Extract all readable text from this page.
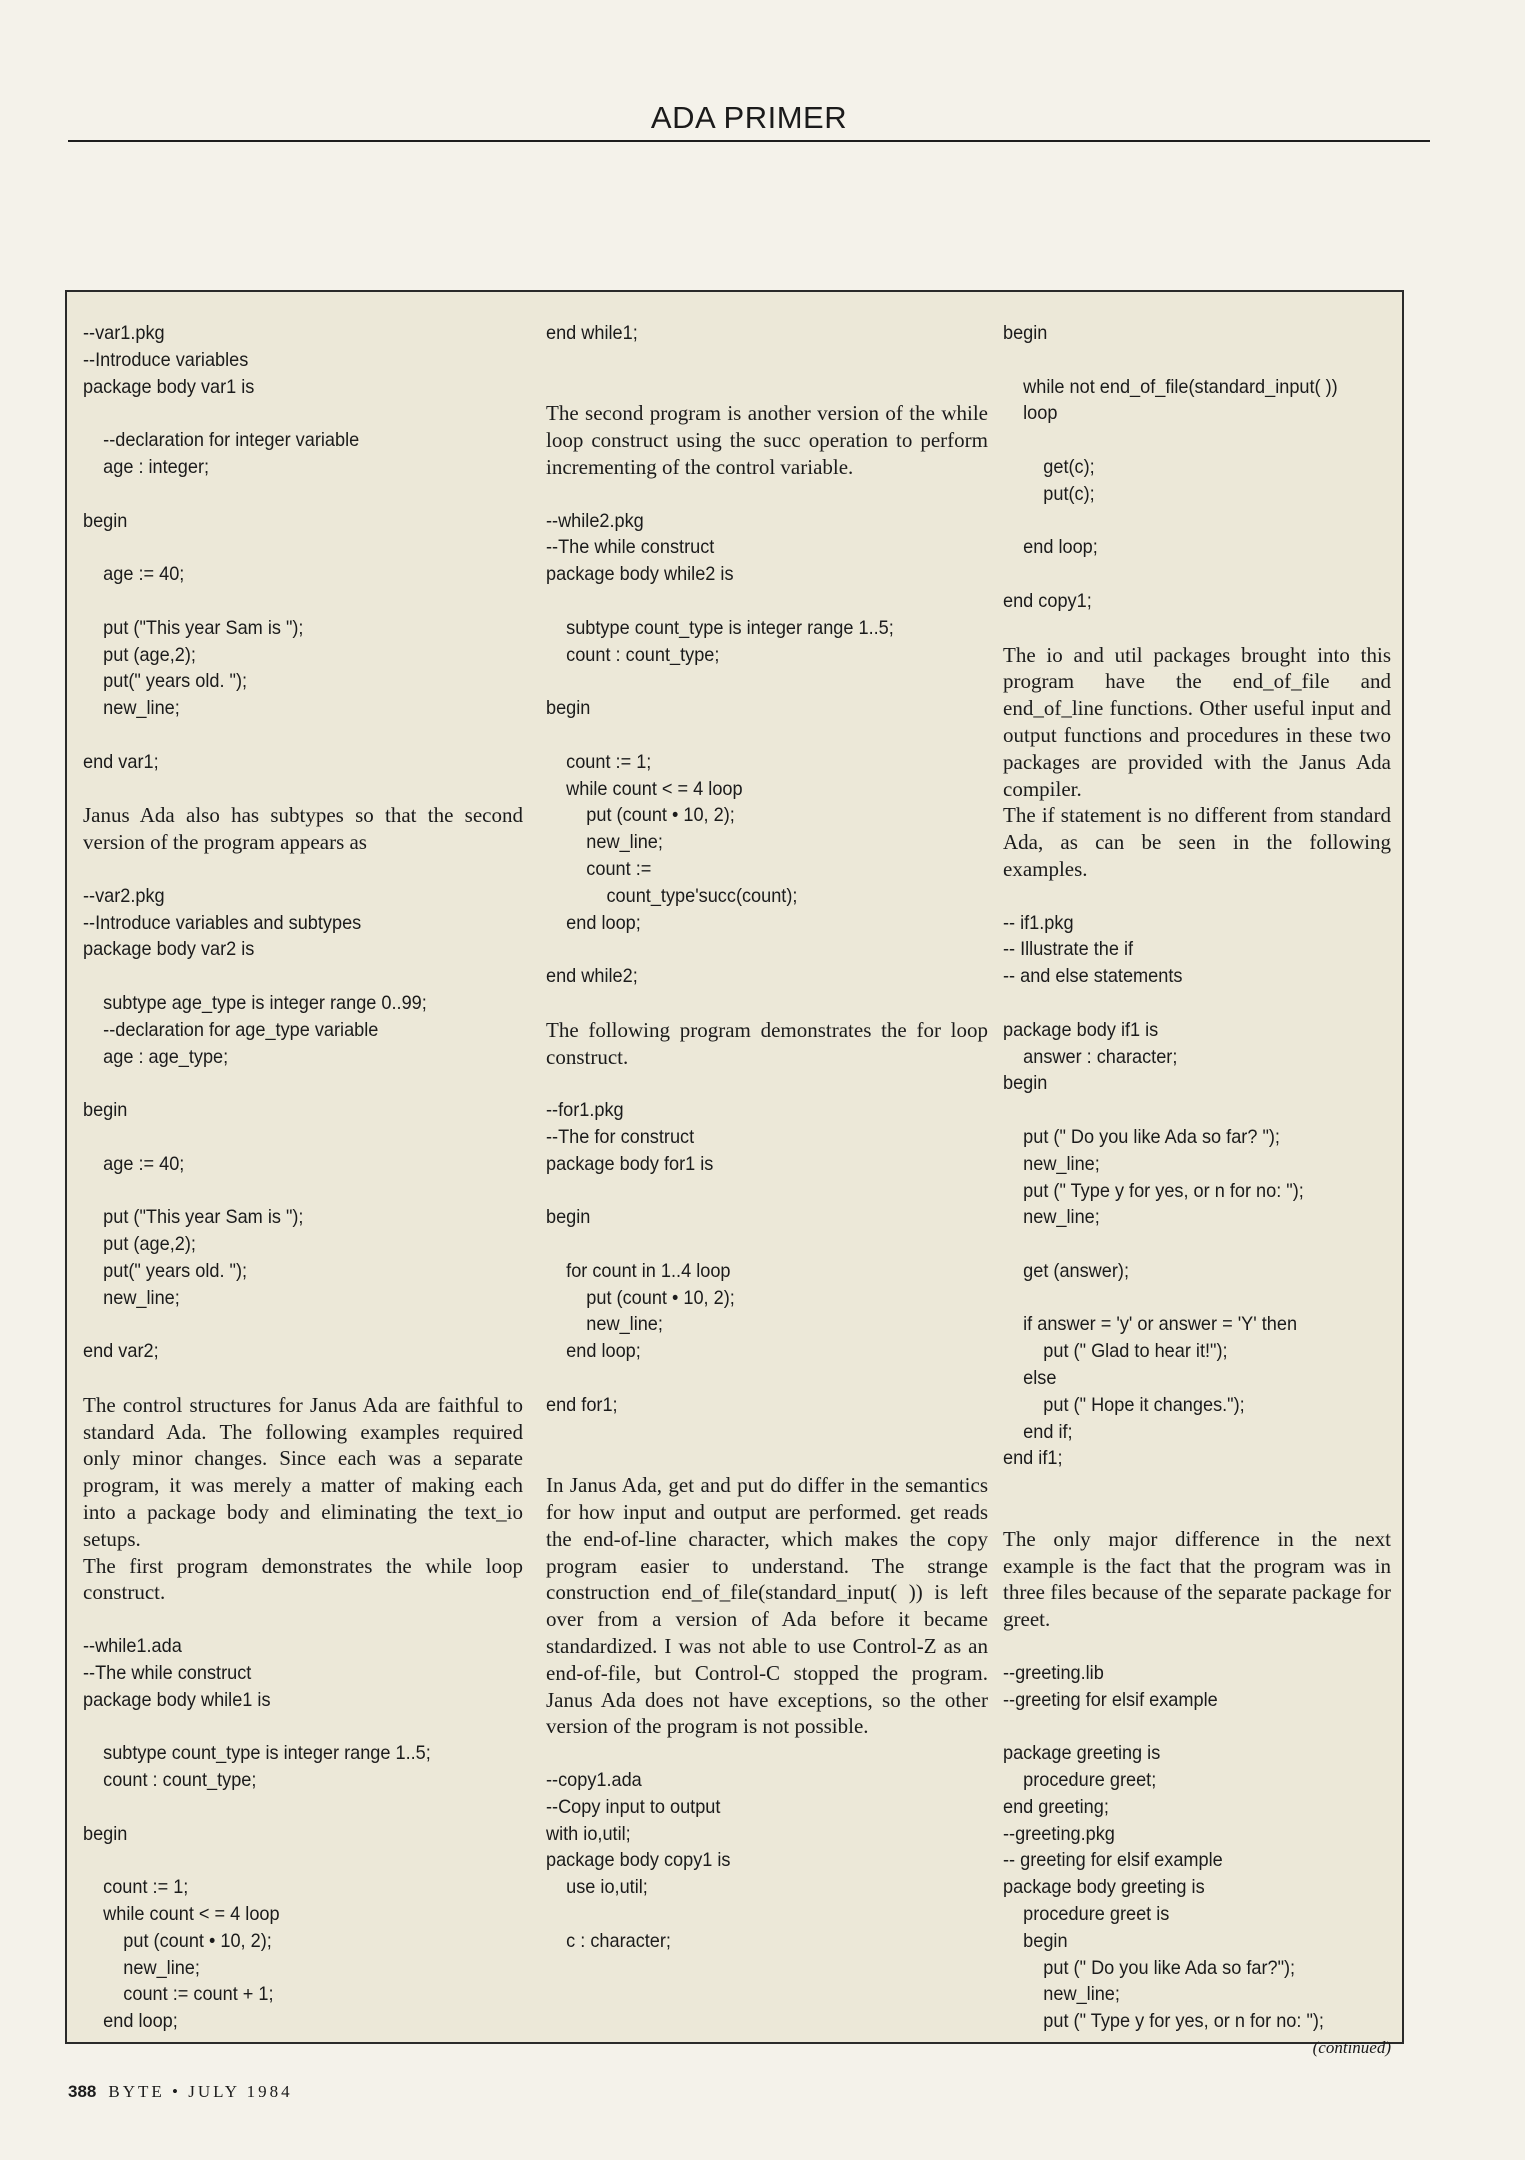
ADA PRIMER
--var1.pkg
--Introduce variables
package body var1 is
--declaration for integer variable
age : integer;
begin
age := 40;
put ("This year Sam is ");
put (age,2);
put(" years old. ");
new_line;
end var1;
Janus Ada also has subtypes so that the second version of the program appears as
--var2.pkg
--Introduce variables and subtypes
package body var2 is
subtype age_type is integer range 0..99;
--declaration for age_type variable
age : age_type;
begin
age := 40;
put ("This year Sam is ");
put (age,2);
put(" years old. ");
new_line;
end var2;
The control structures for Janus Ada are faithful to standard Ada. The following examples required only minor changes. Since each was a separate program, it was merely a matter of making each into a package body and eliminating the text_io setups.
The first program demonstrates the while loop construct.
--while1.ada
--The while construct
package body while1 is
subtype count_type is integer range 1..5;
count : count_type;
begin
count := 1;
while count < = 4 loop
put (count • 10, 2);
new_line;
count := count + 1;
end loop;
end while1;
The second program is another version of the while loop construct using the succ operation to perform incrementing of the control variable.
--while2.pkg
--The while construct
package body while2 is
subtype count_type is integer range 1..5;
count : count_type;
begin
count := 1;
while count < = 4 loop
put (count • 10, 2);
new_line;
count :=
count_type'succ(count);
end loop;
end while2;
The following program demonstrates the for loop construct.
--for1.pkg
--The for construct
package body for1 is
begin
for count in 1..4 loop
put (count • 10, 2);
new_line;
end loop;
end for1;
In Janus Ada, get and put do differ in the semantics for how input and output are performed. get reads the end-of-line character, which makes the copy program easier to understand. The strange construction end_of_file(standard_input( )) is left over from a version of Ada before it became standardized. I was not able to use Control-Z as an end-of-file, but Control-C stopped the program. Janus Ada does not have exceptions, so the other version of the program is not possible.
--copy1.ada
--Copy input to output
with io,util;
package body copy1 is
use io,util;
c : character;
begin
while not end_of_file(standard_input( ))
loop
get(c);
put(c);
end loop;
end copy1;
The io and util packages brought into this program have the end_of_file and end_of_line functions. Other useful input and output functions and procedures in these two packages are provided with the Janus Ada compiler.
The if statement is no different from standard Ada, as can be seen in the following examples.
-- if1.pkg
-- Illustrate the if
-- and else statements
package body if1 is
answer : character;
begin
put (" Do you like Ada so far? ");
new_line;
put (" Type y for yes, or n for no: ");
new_line;
get (answer);
if answer = 'y' or answer = 'Y' then
put (" Glad to hear it!");
else
put (" Hope it changes.");
end if;
end if1;
The only major difference in the next example is the fact that the program was in three files because of the separate package for greet.
--greeting.lib
--greeting for elsif example
package greeting is
procedure greet;
end greeting;
--greeting.pkg
-- greeting for elsif example
package body greeting is
procedure greet is
begin
put (" Do you like Ada so far?");
new_line;
put (" Type y for yes, or n for no: ");
(continued)
388 BYTE • JULY 1984
